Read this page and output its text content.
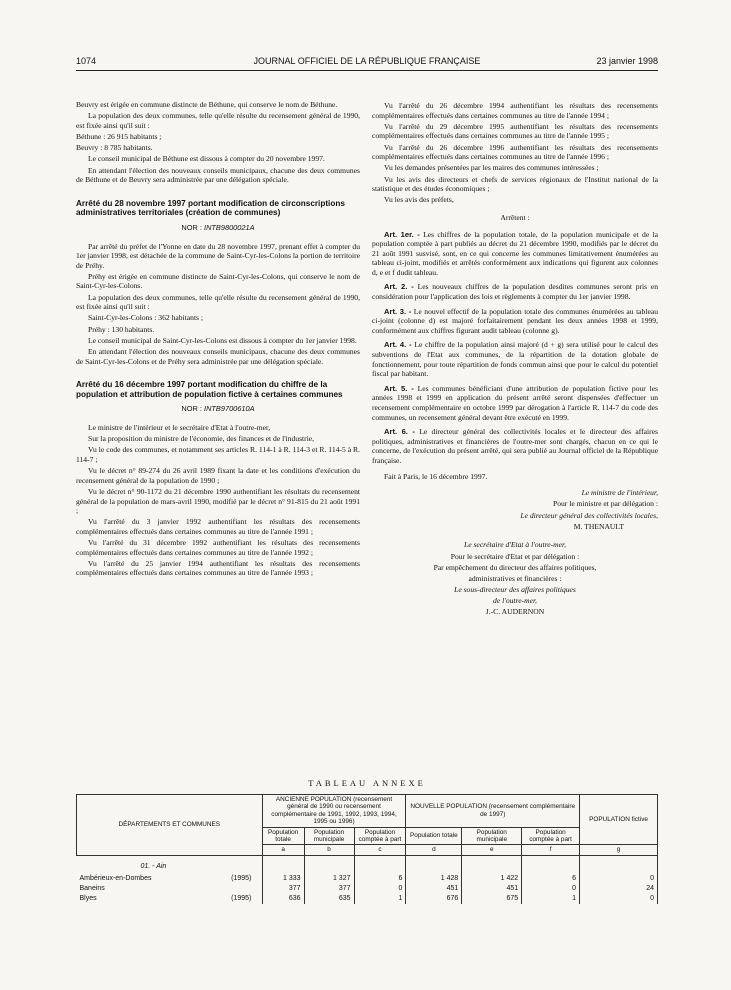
1074	JOURNAL OFFICIEL DE LA RÉPUBLIQUE FRANÇAISE	23 janvier 1998

Beuvry est érigée en commune distincte de Béthune, qui conserve le nom de Béthune.

La population des deux communes, telle qu'elle résulte du recensement général de 1990, est fixée ainsi qu'il suit :

Béthune : 26 915 habitants ;

Beuvry : 8 785 habitants.

Le conseil municipal de Béthune est dissous à compter du 20 novembre 1997.

En attendant l'élection des nouveaux conseils municipaux, chacune des deux communes de Béthune et de Beuvry sera administrée par une délégation spéciale.

Arrêté du 28 novembre 1997 portant modification de circonscriptions administratives territoriales (création de communes)
NOR : INTB9800021A

Par arrêté du préfet de l'Yonne en date du 28 novembre 1997, prenant effet à compter du 1er janvier 1998, est détachée de la commune de Saint-Cyr-les-Colons la portion de territoire de Préhy.

Préhy est érigée en commune distincte de Saint-Cyr-les-Colons, qui conserve le nom de Saint-Cyr-les-Colons.

La population des deux communes, telle qu'elle résulte du recensement général de 1990, est fixée ainsi qu'il suit :

Saint-Cyr-les-Colons : 362 habitants ;

Préhy : 130 habitants.

Le conseil municipal de Saint-Cyr-les-Colons est dissous à compter du 1er janvier 1998.

En attendant l'élection des nouveaux conseils municipaux, chacune des deux communes de Saint-Cyr-les-Colons et de Préhy sera administrée par une délégation spéciale.

Arrêté du 16 décembre 1997 portant modification du chiffre de la population et attribution de population fictive à certaines communes
NOR : INTB9700610A

Le ministre de l'intérieur et le secrétaire d'Etat à l'outre-mer,

Sur la proposition du ministre de l'économie, des finances et de l'industrie,

Vu le code des communes, et notamment ses articles R. 114-1 à R. 114-3 et R. 114-5 à R. 114-7 ;

Vu le décret n° 89-274 du 26 avril 1989 fixant la date et les conditions d'exécution du recensement général de la population de 1990 ;

Vu le décret n° 90-1172 du 21 décembre 1990 authentifiant les résultats du recensement général de la population de mars-avril 1990, modifié par le décret n° 91-815 du 21 août 1991 ;

Vu l'arrêté du 3 janvier 1992 authentifiant les résultats des recensements complémentaires effectués dans certaines communes au titre de l'année 1991 ;

Vu l'arrêté du 31 décembre 1992 authentifiant les résultats des recensements complémentaires effectués dans certaines communes au titre de l'année 1992 ;

Vu l'arrêté du 25 janvier 1994 authentifiant les résultats des recensements complémentaires effectués dans certaines communes au titre de l'année 1993 ;

Vu l'arrêté du 26 décembre 1994 authentifiant les résultats des recensements complémentaires effectués dans certaines communes au titre de l'année 1994 ;

Vu l'arrêté du 29 décembre 1995 authentifiant les résultats des recensements complémentaires effectués dans certaines communes au titre de l'année 1995 ;

Vu l'arrêté du 26 décembre 1996 authentifiant les résultats des recensements complémentaires effectués dans certaines communes au titre de l'année 1996 ;

Vu les demandes présentées par les maires des communes intéressées ;

Vu les avis des directeurs et chefs de services régionaux de l'Institut national de la statistique et des études économiques ;

Vu les avis des préfets,

Arrêtent :

Art. 1er. - Les chiffres de la population totale, de la population municipale et de la population comptée à part publiés au décret du 21 décembre 1990, modifiés par le décret du 21 août 1991 susvisé, sont, en ce qui concerne les communes limitativement énumérées au tableau ci-joint, modifiés et arrêtés conformément aux indications qui figurent aux colonnes d, e et f dudit tableau.

Art. 2. - Les nouveaux chiffres de la population desdites communes seront pris en considération pour l'application des lois et règlements à compter du 1er janvier 1998.

Art. 3. - Le nouvel effectif de la population totale des communes énumérées au tableau ci-joint (colonne d) est majoré forfaitairement pendant les deux années 1998 et 1999, conformément aux chiffres figurant audit tableau (colonne g).

Art. 4. - Le chiffre de la population ainsi majoré (d + g) sera utilisé pour le calcul des subventions de l'Etat aux communes, de la répartition de la dotation globale de fonctionnement, pour toute répartition de fonds commun ainsi que pour le calcul du potentiel fiscal par habitant.

Art. 5. - Les communes bénéficiant d'une attribution de population fictive pour les années 1998 et 1999 en application du présent arrêté seront dispensées d'effectuer un recensement complémentaire en octobre 1999 par dérogation à l'article R. 114-7 du code des communes, un recensement général devant être exécuté en 1999.

Art. 6. - Le directeur général des collectivités locales et le directeur des affaires politiques, administratives et financières de l'outre-mer sont chargés, chacun en ce qui le concerne, de l'exécution du présent arrêté, qui sera publié au Journal officiel de la République française.

Fait à Paris, le 16 décembre 1997.

Le ministre de l'intérieur,

Pour le ministre et par délégation :

Le directeur général des collectivités locales,

M. THENAULT

Le secrétaire d'Etat à l'outre-mer,

Pour le secrétaire d'Etat et par délégation :

Par empêchement du directeur des affaires politiques,

administratives et financières :

Le sous-directeur des affaires politiques

de l'outre-mer,

J.-C. AUDERNON

TABLEAU ANNEXE
DÉPARTEMENTS ET COMMUNES		ANCIENNE POPULATION (recensement général de 1990 ou recensement complémentaire de 1991, 1992, 1993, 1994, 1995 ou 1996)			NOUVELLE POPULATION (recensement complémentaire de 1997)			POPULATION fictive
		Population totale	Population municipale	Population comptée à part	Population totale	Population municipale	Population comptée à part	
		a	b	c	d	e	f	g
01. - Ain								
Ambérieux-en-Dombes	(1995)	1 333	1 327	6	1 428	1 422	6	0
Baneins		377	377	0	451	451	0	24
Blyes	(1995)	636	635	1	676	675	1	0
